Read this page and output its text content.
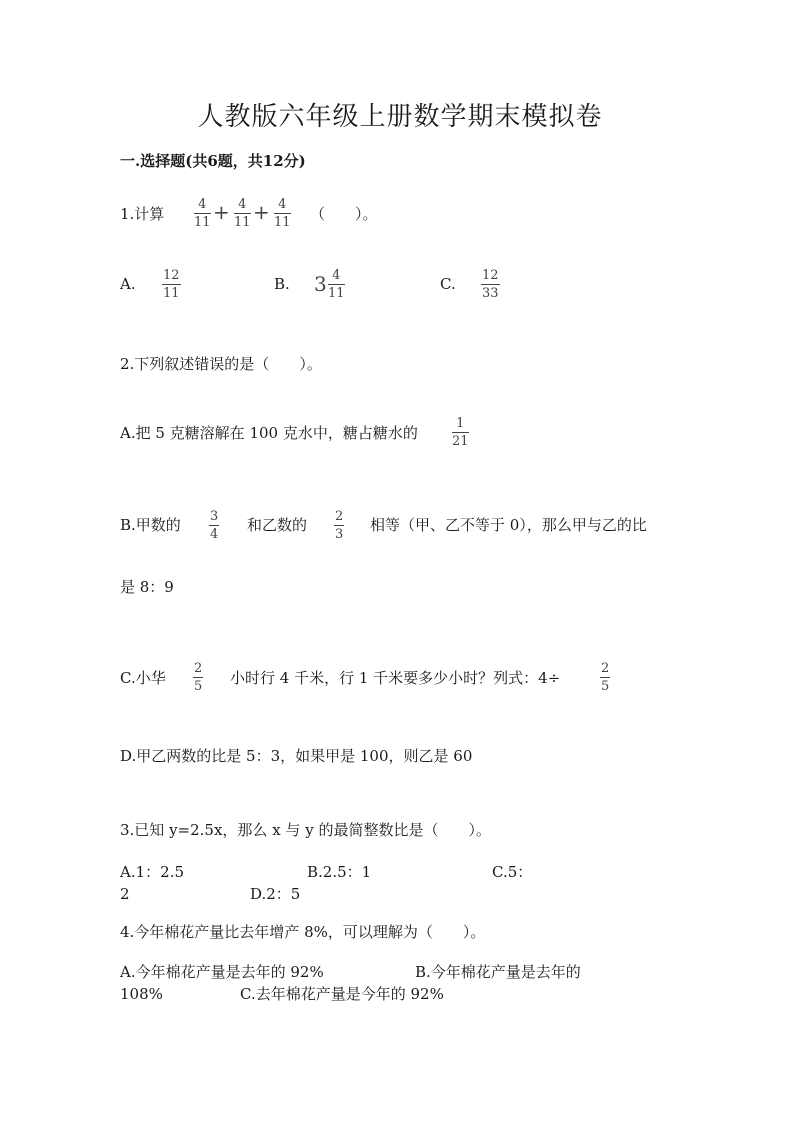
人教版六年级上册数学期末模拟卷
一.选择题(共6题，共12分)
1.计算
4
11 + 4
11 + 4
11 （　　）。
A. 12
11
B. 3 4
11
C. 12
33
2.下列叙述错误的是（　　）。
A.把 5 克糖溶解在 100 克水中，糖占糖水的
1
21
B.甲数的 3
4
和乙数的 2
3
相等（甲、乙不等于 0），那么甲与乙的比
是 8：9
C.小华
2
5 小时行 4 千米，行 1 千米要多少小时？列式：4÷
2
5
D.甲乙两数的比是 5：3，如果甲是 100，则乙是 60
3.已知 y=2.5x，那么 x 与 y 的最简整数比是（　　）。
A.1：2.5	B.2.5：1	C.5：
2	D.2：5
4.今年棉花产量比去年增产 8%，可以理解为（　　）。
A.今年棉花产量是去年的 92%	B.今年棉花产量是去年的
108%	C.去年棉花产量是今年的 92%
